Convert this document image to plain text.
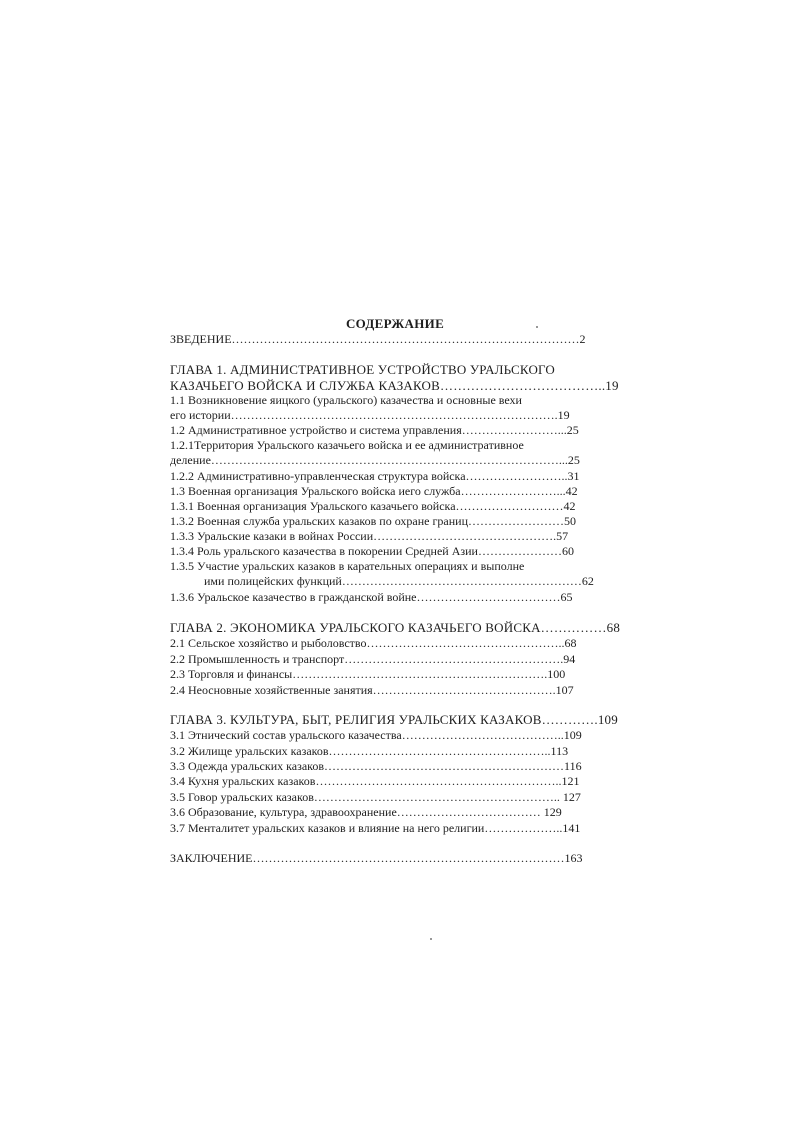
СОДЕРЖАНИЕ
ЗВЕДЕНИЕ……………………………………………………………………………2
ГЛАВА 1. АДМИНИСТРАТИВНОЕ УСТРОЙСТВО УРАЛЬСКОГО
КАЗАЧЬЕГО ВОЙСКА И СЛУЖБА КАЗАКОВ………………………………..19
1.1 Возникновение яицкого (уральского) казачества и основные вехи
его истории……………………………………………………………………….19
1.2 Административное устройство и система управления……………………...25
1.2.1Территория Уральского казачьего войска и ее административное
деление……………………………………………………………………………...25
1.2.2 Административно-управленческая структура войска……………………..31
1.3 Военная организация Уральского войска иего служба……………………...42
1.3.1 Военная организация Уральского казачьего войска………………………42
1.3.2 Военная служба уральских казаков по охране границ……………………50
1.3.3 Уральские казаки в войнах России……………………………………….57
1.3.4 Роль уральского казачества в покорении Средней Азии…………………60
1.3.5 Участие уральских казаков в карательных операциях и выполне
ими полицейских функций……………………………………………………62
1.3.6 Уральское казачество в гражданской войне………………………………65
ГЛАВА 2. ЭКОНОМИКА УРАЛЬСКОГО КАЗАЧЬЕГО ВОЙСКА……………68
2.1 Сельское хозяйство и рыболовство…………………………………………..68
2.2 Промышленность и транспорт……………………………………………….94
2.3 Торговля и финансы……………………………………………………….100
2.4 Неосновные хозяйственные занятия……………………………………….107
ГЛАВА 3. КУЛЬТУРА, БЫТ, РЕЛИГИЯ УРАЛЬСКИХ КАЗАКОВ………….109
3.1 Этнический состав уральского казачества…………………………………..109
3.2 Жилище уральских казаков………………………………………………..113
3.3 Одежда уральских казаков……………………………………………………116
3.4 Кухня уральских казаков……………………………………………………..121
3.5 Говор уральских казаков…………………………………………………….. 127
3.6 Образование, культура, здравоохранение……………………………… 129
3.7 Менталитет уральских казаков и влияние на него религии………………..141
ЗАКЛЮЧЕНИЕ……………………………………………………………………163
